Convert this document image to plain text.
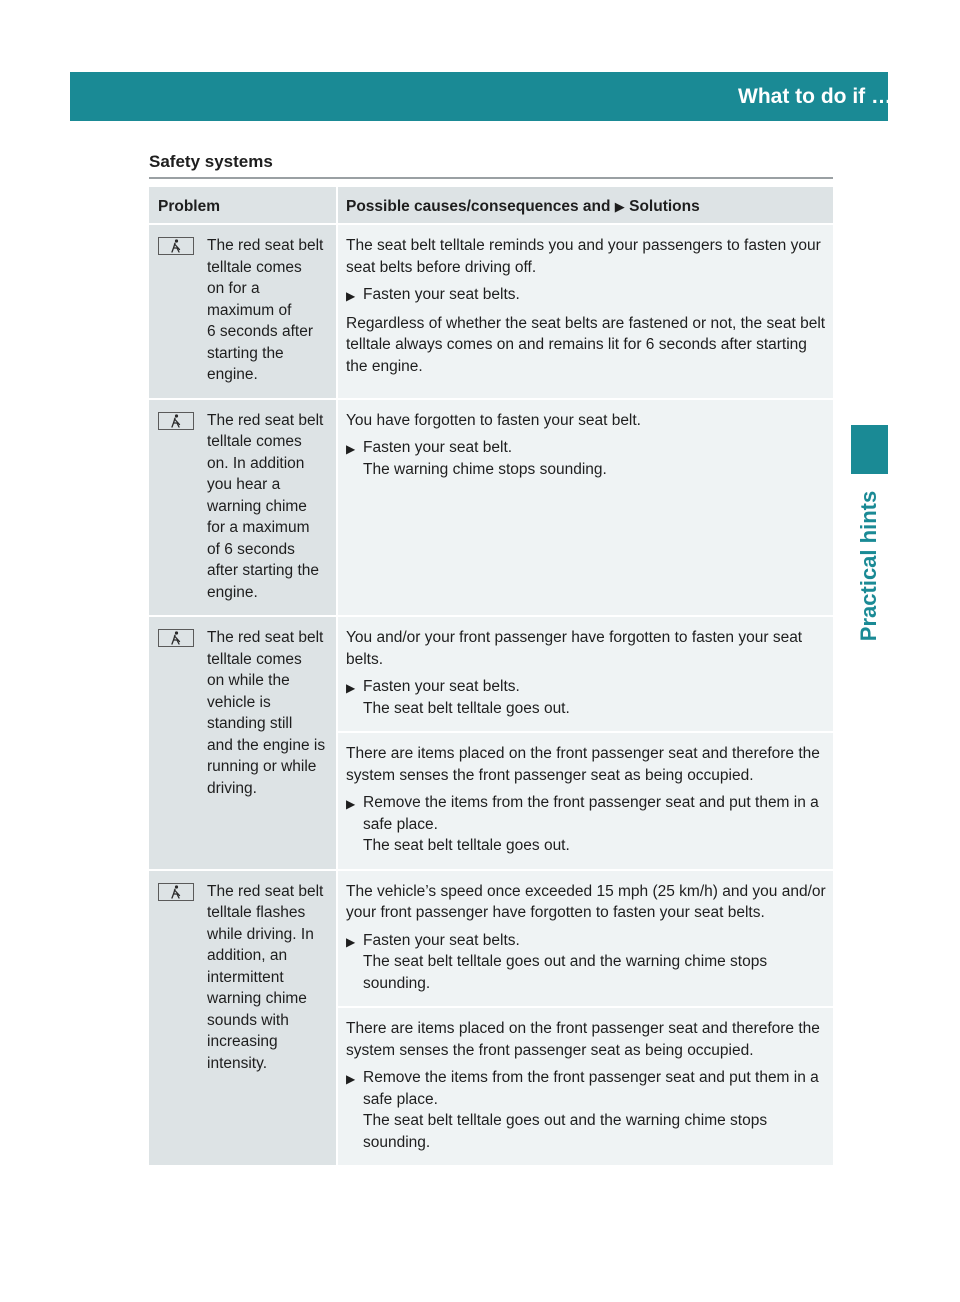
What to do if …	493
Practical hints
Safety systems
Problem	Possible causes/consequences and ▶ Solutions
The red seat belt
telltale comes
on for a
maximum of
6 seconds after
starting the
engine.

The seat belt telltale reminds you and your passengers to fasten your seat belts before driving off.

▶ Fasten your seat belts.

Regardless of whether the seat belts are fastened or not, the seat belt telltale always comes on and remains lit for 6 seconds after starting the engine.

The red seat belt
telltale comes
on. In addition
you hear a
warning chime
for a maximum
of 6 seconds
after starting the
engine.

You have forgotten to fasten your seat belt.

▶ Fasten your seat belt.
The warning chime stops sounding.
The red seat belt
telltale comes
on while the
vehicle is
standing still
and the engine is
running or while
driving.

You and/or your front passenger have forgotten to fasten your seat belts.

▶ Fasten your seat belts.
The seat belt telltale goes out.

There are items placed on the front passenger seat and therefore the system senses the front passenger seat as being occupied.

▶ Remove the items from the front passenger seat and put them in a safe place.
The seat belt telltale goes out.
The red seat belt
telltale flashes
while driving. In
addition, an
intermittent
warning chime
sounds with
increasing
intensity.

The vehicle’s speed once exceeded 15 mph (25 km/h) and you and/or your front passenger have forgotten to fasten your seat belts.

▶ Fasten your seat belts.
The seat belt telltale goes out and the warning chime stops sounding.

There are items placed on the front passenger seat and therefore the system senses the front passenger seat as being occupied.

▶ Remove the items from the front passenger seat and put them in a safe place.
The seat belt telltale goes out and the warning chime stops sounding.
